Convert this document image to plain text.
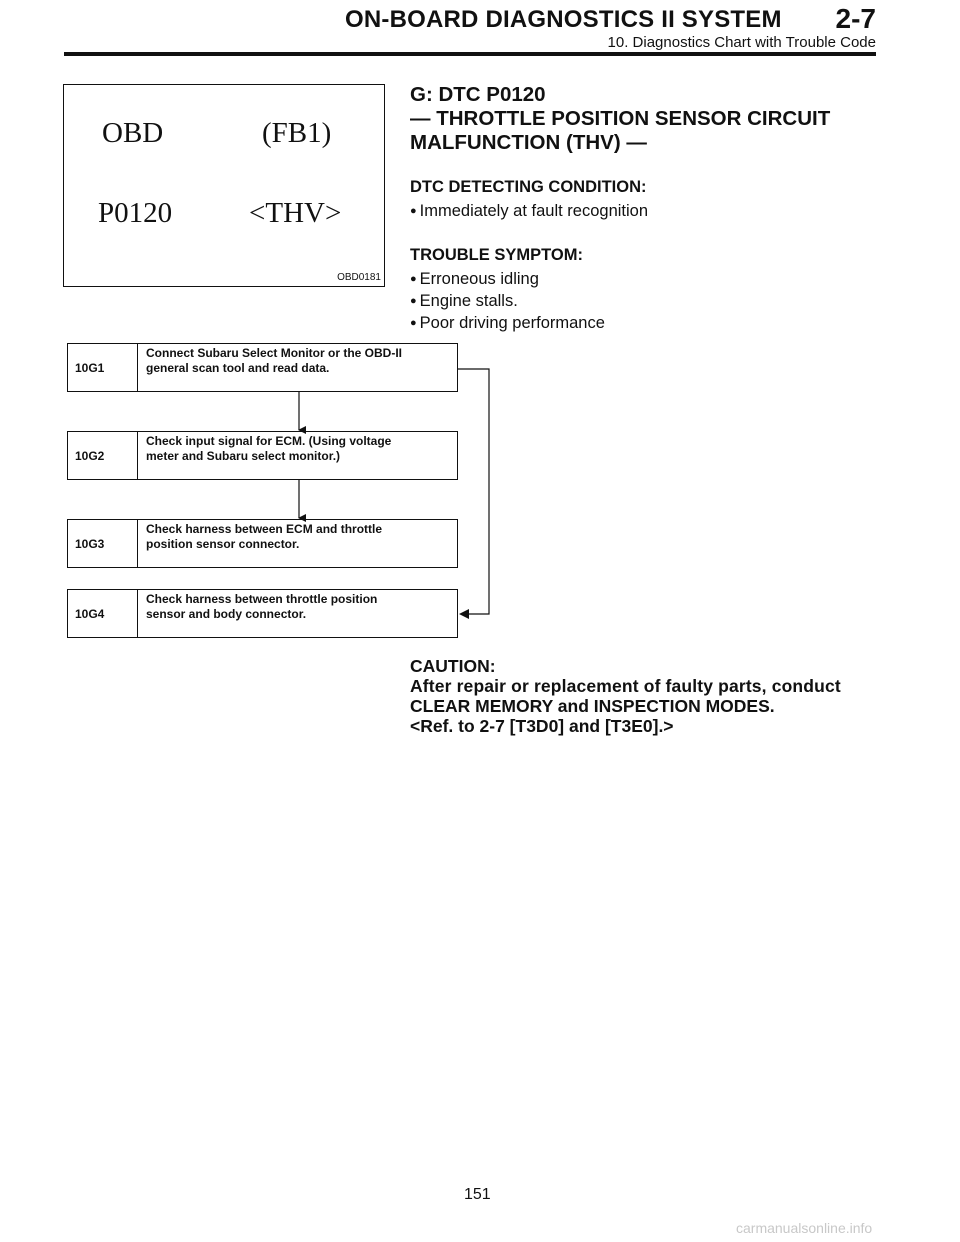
ON-BOARD DIAGNOSTICS II SYSTEM 2-7
10. Diagnostics Chart with Trouble Code
OBD	(FB1)
P0120	<THV>
OBD0181
G: DTC P0120
— THROTTLE POSITION SENSOR CIRCUIT
MALFUNCTION (THV) —
DTC DETECTING CONDITION:
● Immediately at fault recognition
TROUBLE SYMPTOM:
● Erroneous idling
● Engine stalls.
● Poor driving performance
10G1
Connect Subaru Select Monitor or the OBD-II
general scan tool and read data.
10G2
Check input signal for ECM. (Using voltage
meter and Subaru select monitor.)
10G3
Check harness between ECM and throttle
position sensor connector.
10G4
Check harness between throttle position
sensor and body connector.
CAUTION:
After repair or replacement of faulty parts, conduct
CLEAR MEMORY and INSPECTION MODES.
<Ref. to 2-7 [T3D0] and [T3E0].>
151
carmanualsonline.info
